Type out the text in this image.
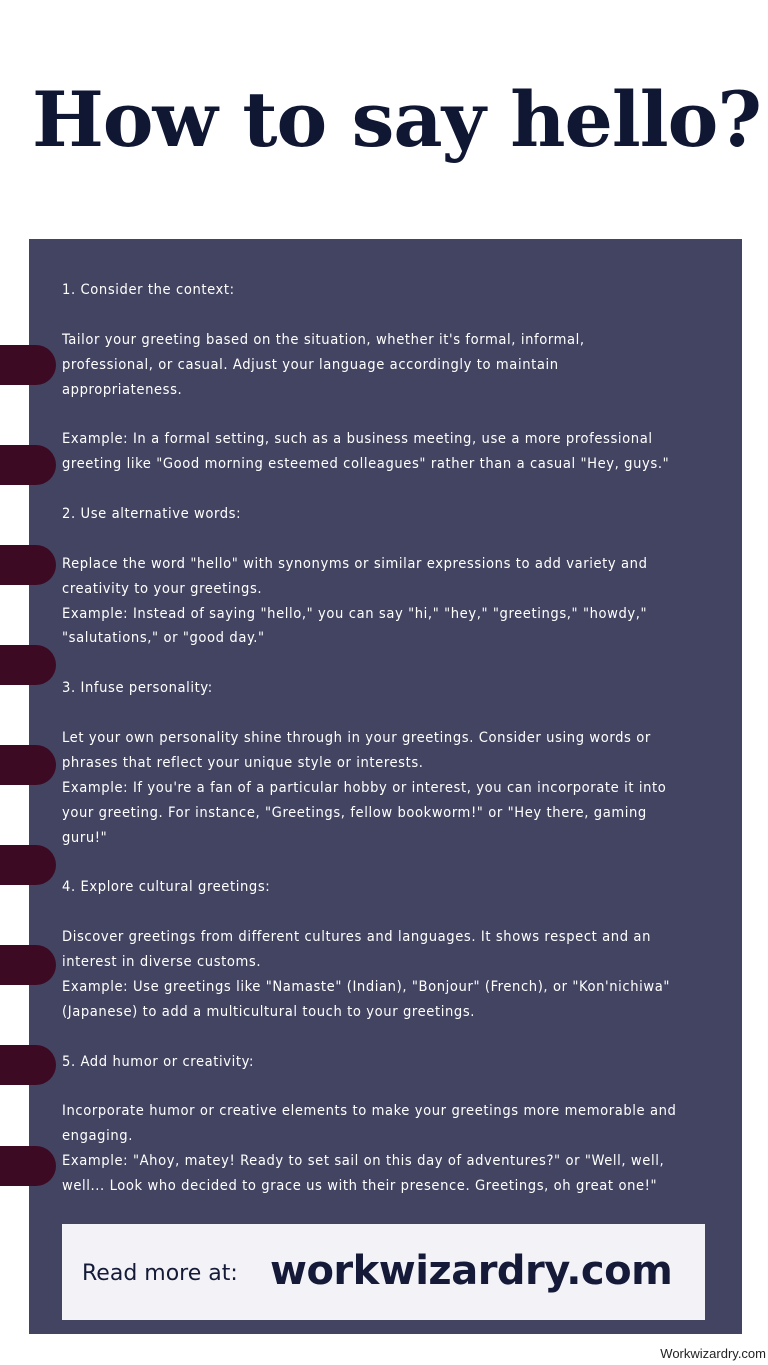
How to say hello?
1. Consider the context:
Tailor your greeting based on the situation, whether it's formal, informal,
professional, or casual. Adjust your language accordingly to maintain
appropriateness.
Example: In a formal setting, such as a business meeting, use a more professional
greeting like "Good morning esteemed colleagues" rather than a casual "Hey, guys."
2. Use alternative words:
Replace the word "hello" with synonyms or similar expressions to add variety and
creativity to your greetings.
Example: Instead of saying "hello," you can say "hi," "hey," "greetings," "howdy,"
"salutations," or "good day."
3. Infuse personality:
Let your own personality shine through in your greetings. Consider using words or
phrases that reflect your unique style or interests.
Example: If you're a fan of a particular hobby or interest, you can incorporate it into
your greeting. For instance, "Greetings, fellow bookworm!" or "Hey there, gaming
guru!"
4. Explore cultural greetings:
Discover greetings from different cultures and languages. It shows respect and an
interest in diverse customs.
Example: Use greetings like "Namaste" (Indian), "Bonjour" (French), or "Kon'nichiwa"
(Japanese) to add a multicultural touch to your greetings.
5. Add humor or creativity:
Incorporate humor or creative elements to make your greetings more memorable and
engaging.
Example: "Ahoy, matey! Ready to set sail on this day of adventures?" or "Well, well,
well... Look who decided to grace us with their presence. Greetings, oh great one!"
Read more at: workwizardry.com
Workwizardry.com
